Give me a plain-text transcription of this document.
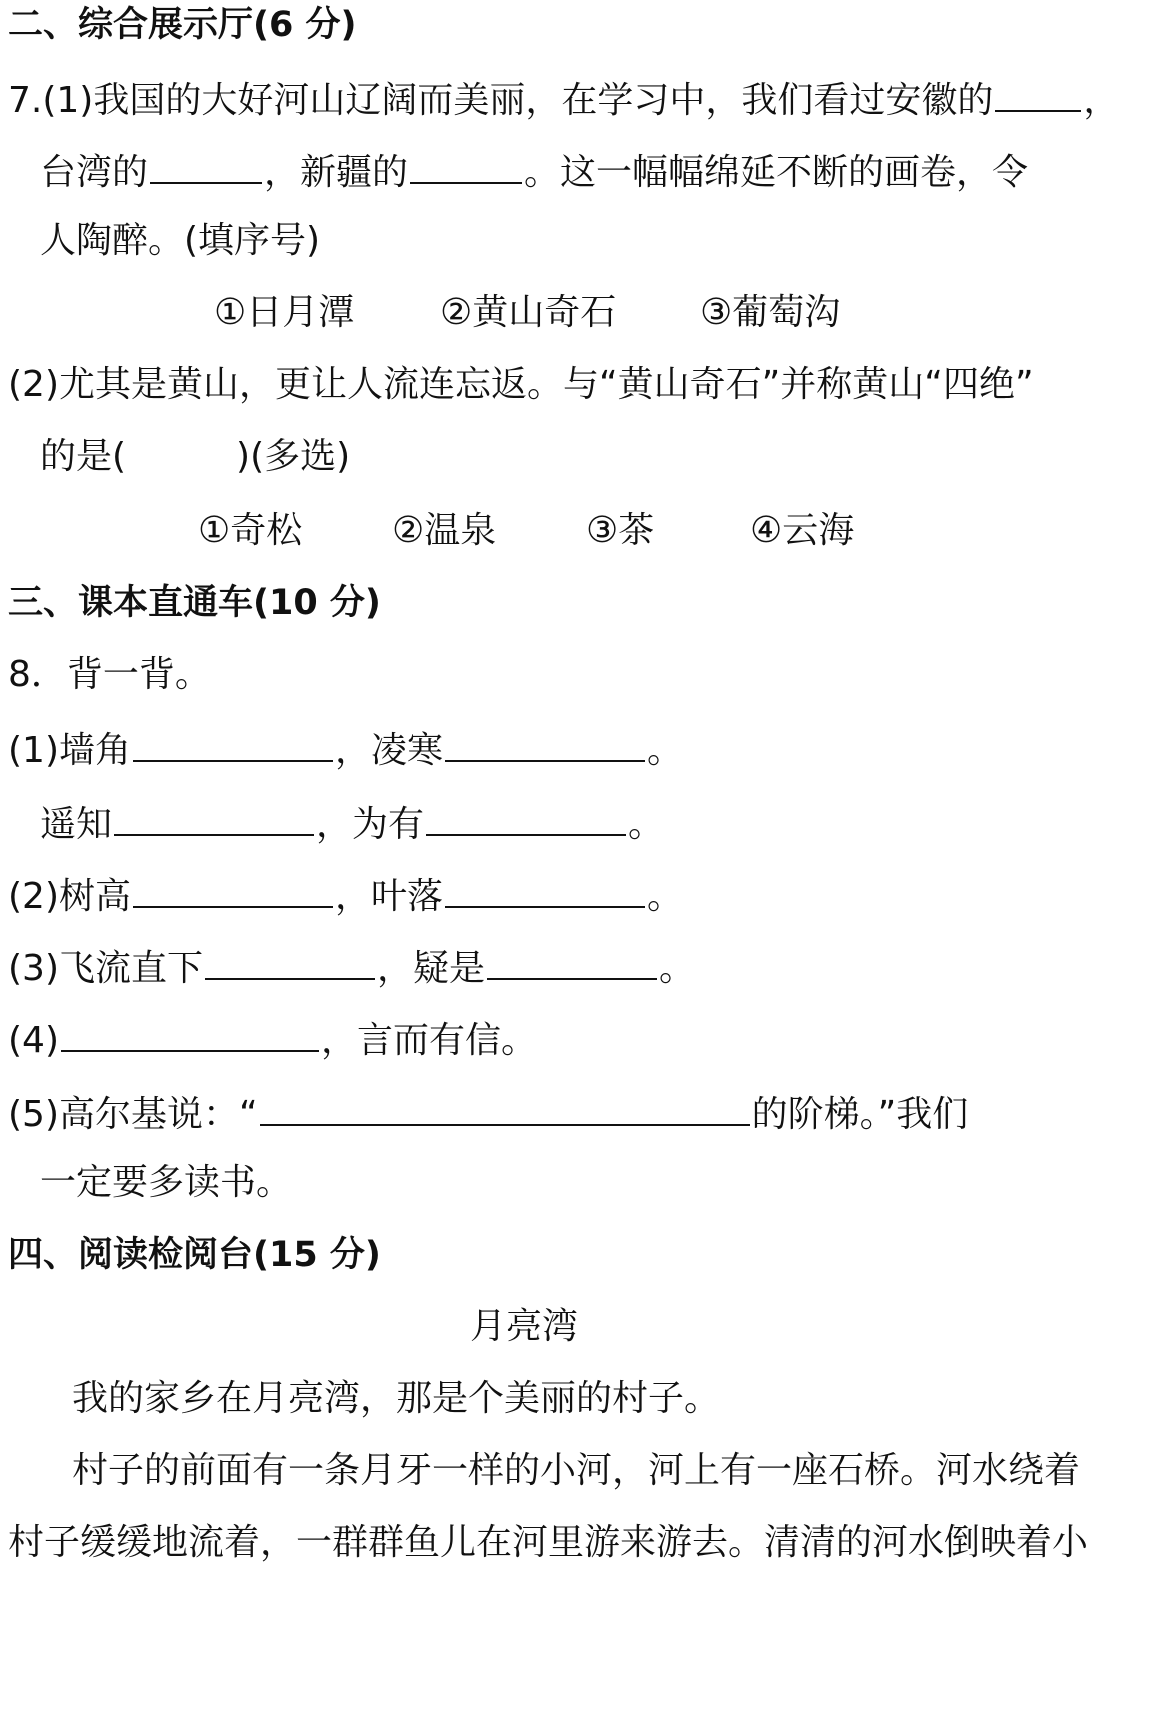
二、综合展示厅(6 分)
7.(1)我国的大好河山辽阔而美丽，在学习中，我们看过安徽的	，
台湾的	，新疆的	。这一幅幅绵延不断的画卷，令
人陶醉。(填序号)
①日月潭 ②黄山奇石 ③葡萄沟
(2)尤其是黄山，更让人流连忘返。与“黄山奇石”并称黄山“四绝”
的是(	)(多选)
①奇松 ②温泉 ③茶	④云海
三、课本直通车(10 分)
8．背一背。
(1)墙角	，凌寒	。
遥知	，为有	。
(2)树高	，叶落	。
(3)飞流直下	，疑是	。
(4)	，言而有信。
(5)高尔基说：“	的阶梯。”我们
一定要多读书。
四、阅读检阅台(15 分)
月亮湾
我的家乡在月亮湾，那是个美丽的村子。
村子的前面有一条月牙一样的小河，河上有一座石桥。河水绕着
村子缓缓地流着，一群群鱼儿在河里游来游去。清清的河水倒映着小
